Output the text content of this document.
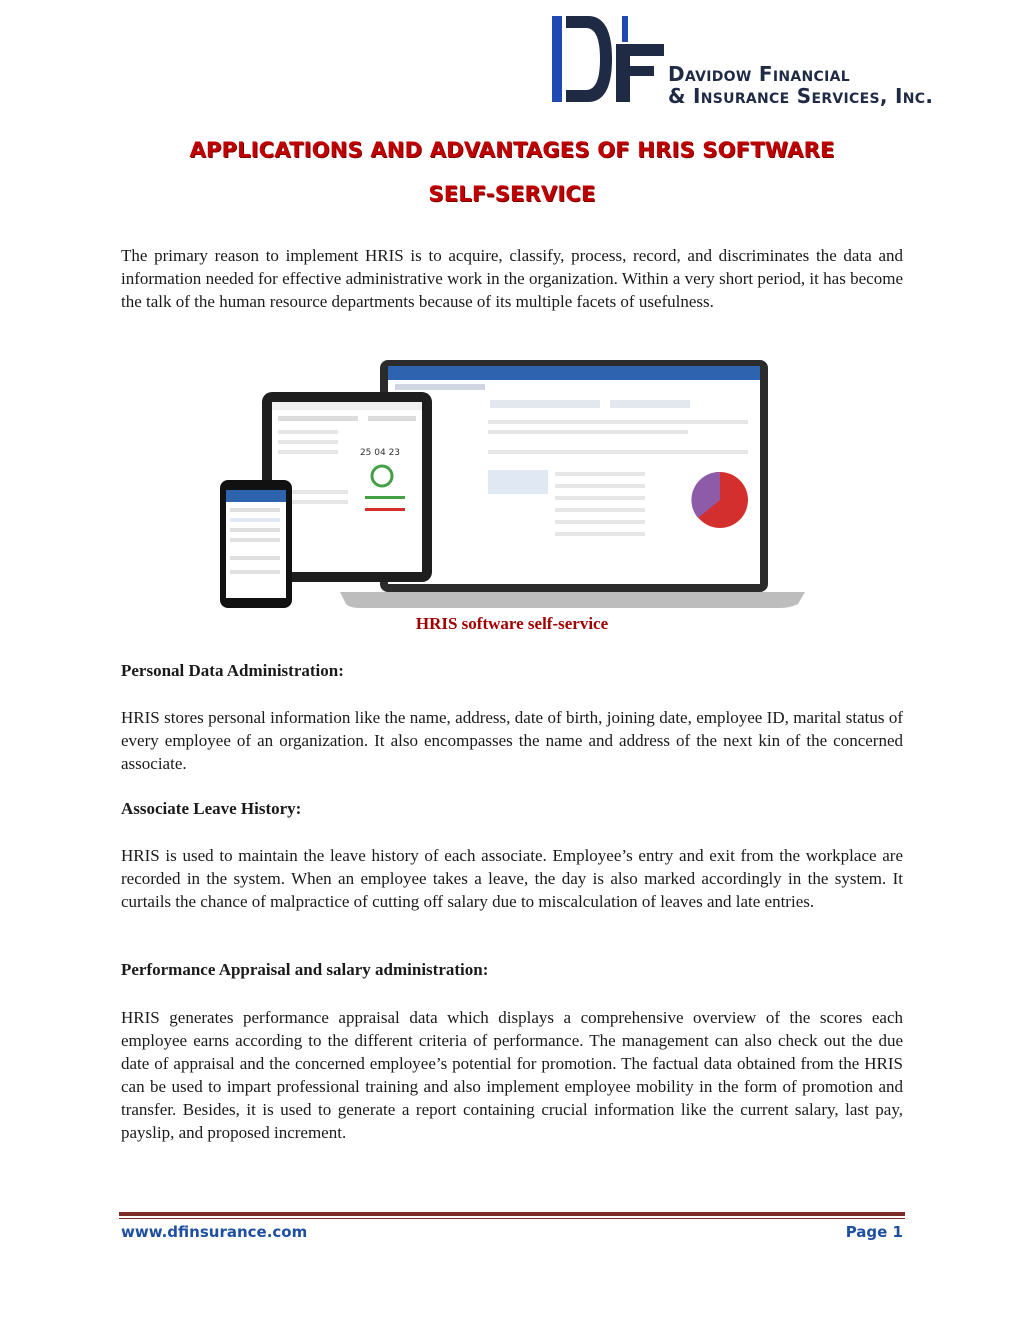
Davidow Financial
& Insurance Services, Inc.
APPLICATIONS AND ADVANTAGES OF HRIS SOFTWARE
SELF-SERVICE

The primary reason to implement HRIS is to acquire, classify, process, record, and discriminates the data and information needed for effective administrative work in the organization. Within a very short period, it has become the talk of the human resource departments because of its multiple facets of usefulness.

25 04 23
HRIS software self-service
Personal Data Administration:

HRIS stores personal information like the name, address, date of birth, joining date, employee ID, marital status of every employee of an organization. It also encompasses the name and address of the next kin of the concerned associate.

Associate Leave History:

HRIS is used to maintain the leave history of each associate. Employee’s entry and exit from the workplace are recorded in the system. When an employee takes a leave, the day is also marked accordingly in the system. It curtails the chance of malpractice of cutting off salary due to miscalculation of leaves and late entries.

Performance Appraisal and salary administration:

HRIS generates performance appraisal data which displays a comprehensive overview of the scores each employee earns according to the different criteria of performance. The management can also check out the due date of appraisal and the concerned employee’s potential for promotion. The factual data obtained from the HRIS can be used to impart professional training and also implement employee mobility in the form of promotion and transfer. Besides, it is used to generate a report containing crucial information like the current salary, last pay, payslip, and proposed increment.

www.dfinsurance.com	Page 1
